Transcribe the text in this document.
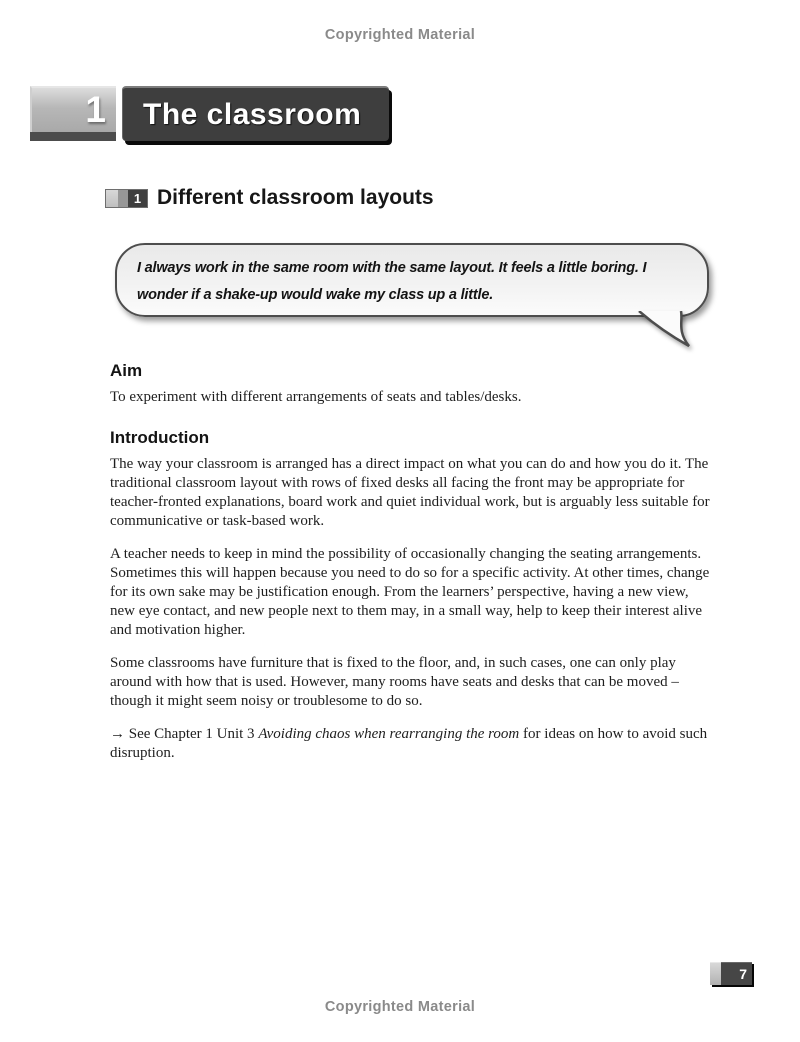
Copyrighted Material
1	The classroom
1 Different classroom layouts
I always work in the same room with the same layout. It feels a little boring. I wonder if a shake-up would wake my class up a little.
Aim

To experiment with different arrangements of seats and tables/desks.

Introduction

The way your classroom is arranged has a direct impact on what you can do and how you do it. The traditional classroom layout with rows of fixed desks all facing the front may be appropriate for teacher-fronted explanations, board work and quiet individual work, but is arguably less suitable for communicative or task-based work.

A teacher needs to keep in mind the possibility of occasionally changing the seating arrangements. Sometimes this will happen because you need to do so for a specific activity. At other times, change for its own sake may be justification enough. From the learners’ perspective, having a new view, new eye contact, and new people next to them may, in a small way, help to keep their interest alive and motivation higher.

Some classrooms have furniture that is fixed to the floor, and, in such cases, one can only play around with how that is used. However, many rooms have seats and desks that can be moved – though it might seem noisy or troublesome to do so.

→ See Chapter 1 Unit 3 Avoiding chaos when rearranging the room for ideas on how to avoid such disruption.

7
Copyrighted Material
